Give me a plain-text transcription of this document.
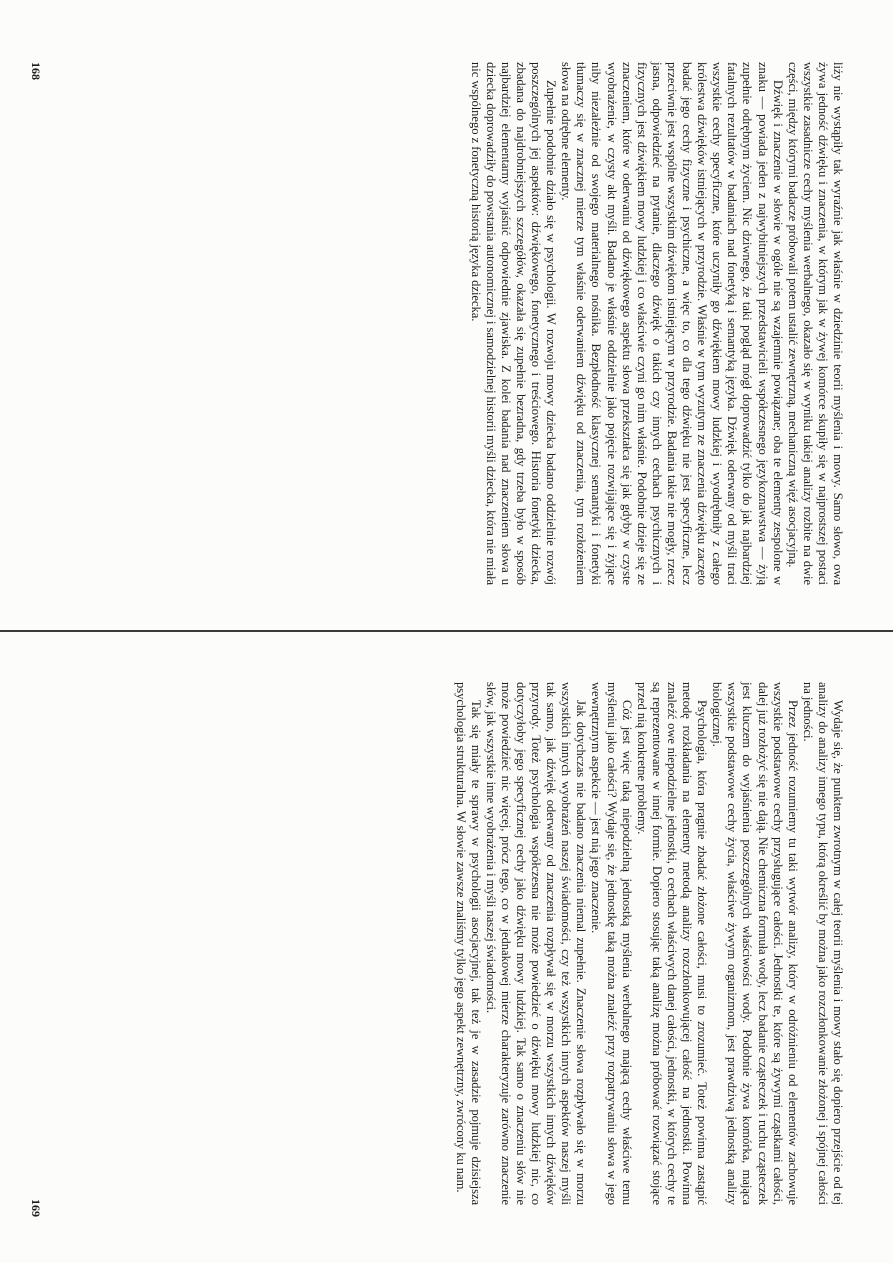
liży nie wystąpiły tak wyraźnie jak właśnie w dziedzinie teorii myślenia i mowy. Samo słowo, owa żywa jedność dźwięku i znaczenia, w którym jak w żywej komórce skupiły się w najprostszej postaci wszystkie zasadnicze cechy myślenia werbalnego, okazało się w wyniku takiej analizy rozbite na dwie części, między którymi badacze próbowali potem ustalić zewnętrzną, mechaniczną więź asocjacyjną.

Dźwięk i znaczenie w słowie w ogóle nie są wzajemnie powiązane; oba te elementy zespolone w znaku — powiada jeden z najwybitniejszych przedstawicieli współczesnego językoznawstwa — żyją zupełnie odrębnym życiem. Nic dziwnego, że taki pogląd mógł doprowadzić tylko do jak najbardziej fatalnych rezultatów w badaniach nad fonetyką i semantyką języka. Dźwięk oderwany od myśli traci wszystkie cechy specyficzne, które uczyniły go dźwiękiem mowy ludzkiej i wyodrębniły z całego królestwa dźwięków istniejących w przyrodzie. Właśnie w tym wyzutym ze znaczenia dźwięku zaczęto badać jego cechy fizyczne i psychiczne, a więc to, co dla tego dźwięku nie jest specyficzne, lecz przeciwnie jest wspólne wszystkim dźwiękom istniejącym w przyrodzie. Badania takie nie mogły, rzecz jasna, odpowiedzieć na pytanie, dlaczego dźwięk o takich czy innych cechach psychicznych i fizycznych jest dźwiękiem mowy ludzkiej i co właściwie czyni go nim właśnie. Podobnie dzieje się ze znaczeniem, które w oderwaniu od dźwiękowego aspektu słowa przekształca się jak gdyby w czyste wyobrażenie, w czysty akt myśli. Badano je właśnie oddzielnie jako pojęcie rozwijające się i żyjące niby niezależnie od swojego materialnego nośnika. Bezpłodność klasycznej semantyki i fonetyki tłumaczy się w znacznej mierze tym właśnie oderwaniem dźwięku od znaczenia, tym rozłożeniem słowa na odrębne elementy.

Zupełnie podobnie działo się w psychologii. W rozwoju mowy dziecka badano oddzielnie rozwój poszczególnych jej aspektów: dźwiękowego, fonetycznego i treściowego. Historia fonetyki dziecka, zbadana do najdrobniejszych szczegółów, okazała się zupełnie bezradna, gdy trzeba było w sposób najbardziej elementarny wyjaśnić odpowiednie zjawiska. Z kolei badania nad znaczeniem słowa u dziecka doprowadziły do powstania autonomicznej i samodzielnej historii myśli dziecka, która nie miała nic wspólnego z fonetyczną historią języka dziecka.

168

Wydaje się, że punktem zwrotnym w całej teorii myślenia i mowy stało się dopiero przejście od tej analizy do analizy innego typu, którą określić by można jako rozczłonkowanie złożonej i spójnej całości na jedności.

Przez jedność rozumiemy tu taki wytwór analizy, który w odróżnieniu od elementów zachowuje wszystkie podstawowe cechy przysługujące całości. Jednostki te, które są żywymi cząstkami całości, dalej już rozłożyć się nie dają. Nie chemiczna formuła wody, lecz badanie cząsteczek i ruchu cząsteczek jest kluczem do wyjaśnienia poszczególnych właściwości wody. Podobnie żywa komórka, mająca wszystkie podstawowe cechy życia, właściwe żywym organizmom, jest prawdziwą jednostką analizy biologicznej.

Psychologia, która pragnie zbadać złożone całości, musi to zrozumieć. Toteż powinna zastąpić metodę rozkładania na elementy metodą analizy rozczłonkowującej całość na jednostki. Powinna znaleźć owe niepodzielne jednostki, o cechach właściwych danej całości, jednostki, w których cechy te są reprezentowane w innej formie. Dopiero stosując taką analizę można próbować rozwiązać stojące przed nią konkretne problemy.

Cóż jest więc taką niepodzielną jednostką myślenia werbalnego mającą cechy właściwe temu myśleniu jako całości? Wydaje się, że jednostkę taką można znaleźć przy rozpatrywaniu słowa w jego wewnętrznym aspekcie — jest nią jego znaczenie.

Jak dotychczas nie badano znaczenia niemal zupełnie. Znaczenie słowa rozpływało się w morzu wszystkich innych wyobrażeń naszej świadomości, czy też wszystkich innych aspektów naszej myśli tak samo, jak dźwięk oderwany od znaczenia rozpływał się w morzu wszystkich innych dźwięków przyrody. Toteż psychologia współczesna nie może powiedzieć o dźwięku mowy ludzkiej nic, co dotyczyłoby jego specyficznej cechy jako dźwięku mowy ludzkiej. Tak samo o znaczeniu słów nie może powiedzieć nic więcej, prócz tego, co w jednakowej mierze charakteryzuje zarówno znaczenie słów, jak wszystkie inne wyobrażenia i myśli naszej świadomości.

Tak się miały te sprawy w psychologii asocjacyjnej, tak też je w zasadzie pojmuje dzisiejsza psychologia strukturalna. W słowie zawsze znaliśmy tylko jego aspekt zewnętrzny, zwrócony ku nam.

169
